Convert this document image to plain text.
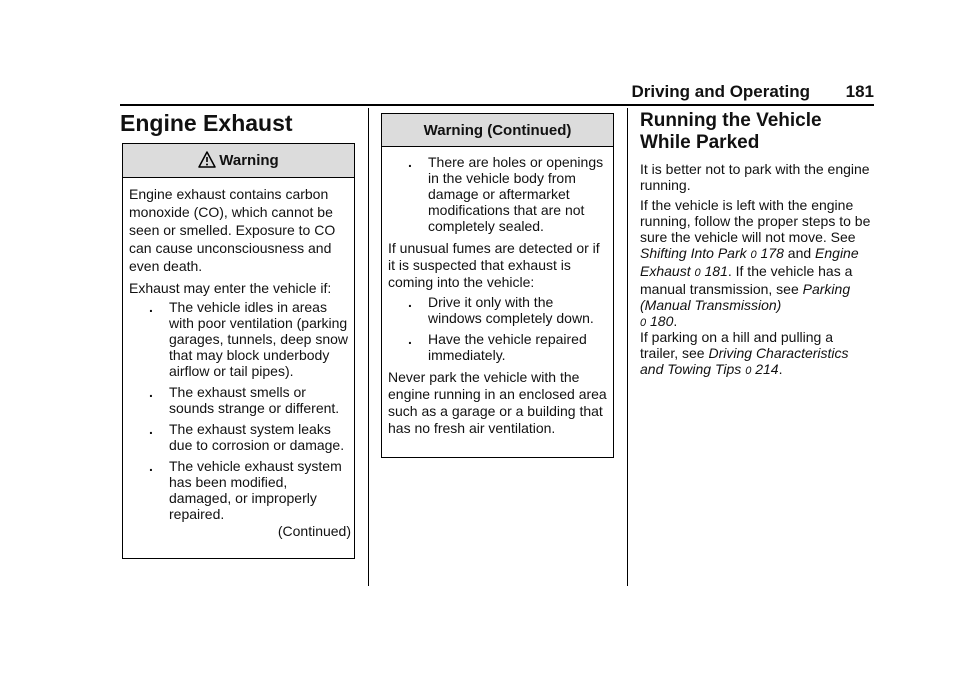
Driving and Operating 181
Engine Exhaust
Warning

Engine exhaust contains carbon monoxide (CO), which cannot be seen or smelled. Exposure to CO can cause unconsciousness and even death.

Exhaust may enter the vehicle if:

. The vehicle idles in areas with poor ventilation (parking garages, tunnels, deep snow that may block underbody airflow or tail pipes).
. The exhaust smells or sounds strange or different.
. The exhaust system leaks due to corrosion or damage.
. The vehicle exhaust system has been modified, damaged, or improperly repaired.

(Continued)

Warning (Continued)
. There are holes or openings in the vehicle body from damage or aftermarket modifications that are not completely sealed.

If unusual fumes are detected or if it is suspected that exhaust is coming into the vehicle:

. Drive it only with the windows completely down.
. Have the vehicle repaired immediately.

Never park the vehicle with the engine running in an enclosed area such as a garage or a building that has no fresh air ventilation.

Running the Vehicle
While Parked

It is better not to park with the engine running.

If the vehicle is left with the engine running, follow the proper steps to be sure the vehicle will not move. See Shifting Into Park 0 178 and Engine Exhaust 0 181. If the vehicle has a manual transmission, see Parking (Manual Transmission)
0 180.

If parking on a hill and pulling a trailer, see Driving Characteristics and Towing Tips 0 214.
